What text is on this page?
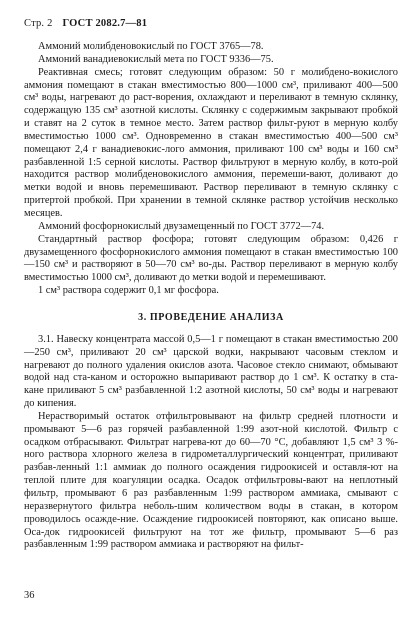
Стр. 2 ГОСТ 2082.7—81

Аммоний молибденовокислый по ГОСТ 3765—78.

Аммоний ванадиевокислый мета по ГОСТ 9336—75.

Реактивная смесь; готовят следующим образом: 50 г молибдено-вокислого аммония помещают в стакан вместимостью 800—1000 см³, приливают 400—500 см³ воды, нагревают до раст-ворения, охлаждают и переливают в темную склянку, содержащую 135 см³ азотной кислоты. Склянку с содержимым закрывают пробкой и ставят на 2 суток в темное место. Затем раствор фильт-руют в мерную колбу вместимостью 1000 см³. Одновременно в стакан вместимостью 400—500 см³ помещают 2,4 г ванадиевокис-лого аммония, приливают 100 см³ воды и 160 см³ разбавленной 1:5 серной кислоты. Раствор фильтруют в мерную колбу, в кото-рой находится раствор молибденовокислого аммония, перемеши-вают, доливают до метки водой и вновь перемешивают. Раствор переливают в темную склянку с притертой пробкой. При хранении в темной склянке раствор устойчив несколько месяцев.

Аммоний фосфорнокислый двузамещенный по ГОСТ 3772—74.

Стандартный раствор фосфора; готовят следующим образом: 0,426 г двузамещенного фосфорнокислого аммония помещают в стакан вместимостью 100—150 см³ и растворяют в 50—70 см³ во-ды. Раствор переливают в мерную колбу вместимостью 1000 см³, доливают до метки водой и перемешивают.

1 см³ раствора содержит 0,1 мг фосфора.

3. ПРОВЕДЕНИЕ АНАЛИЗА

3.1. Навеску концентрата массой 0,5—1 г помещают в стакан вместимостью 200—250 см³, приливают 20 см³ царской водки, накрывают часовым стеклом и нагревают до полного удаления окислов азота. Часовое стекло снимают, обмывают водой над ста-каном и осторожно выпаривают раствор до 1 см³. К остатку в ста-кане приливают 5 см³ разбавленной 1:2 азотной кислоты, 50 см³ воды и нагревают до кипения.

Нерастворимый остаток отфильтровывают на фильтр средней плотности и промывают 5—6 раз горячей разбавленной 1:99 азот-ной кислотой. Фильтр с осадком отбрасывают. Фильтрат нагрева-ют до 60—70 °С, добавляют 1,5 см³ 3 %-ного раствора хлорного железа в гидрометаллургический концентрат, приливают разбав-ленный 1:1 аммиак до полного осаждения гидроокисей и оставля-ют на теплой плите для коагуляции осадка. Осадок отфильтровы-вают на неплотный фильтр, промывают 6 раз разбавленным 1:99 раствором аммиака, смывают с неразвернутого фильтра неболь-шим количеством воды в стакан, в котором проводилось осажде-ние. Осаждение гидроокисей повторяют, как описано выше. Оса-док гидроокисей фильтруют на тот же фильтр, промывают 5—6 раз разбавленным 1:99 раствором аммиака и растворяют на фильт-

36
